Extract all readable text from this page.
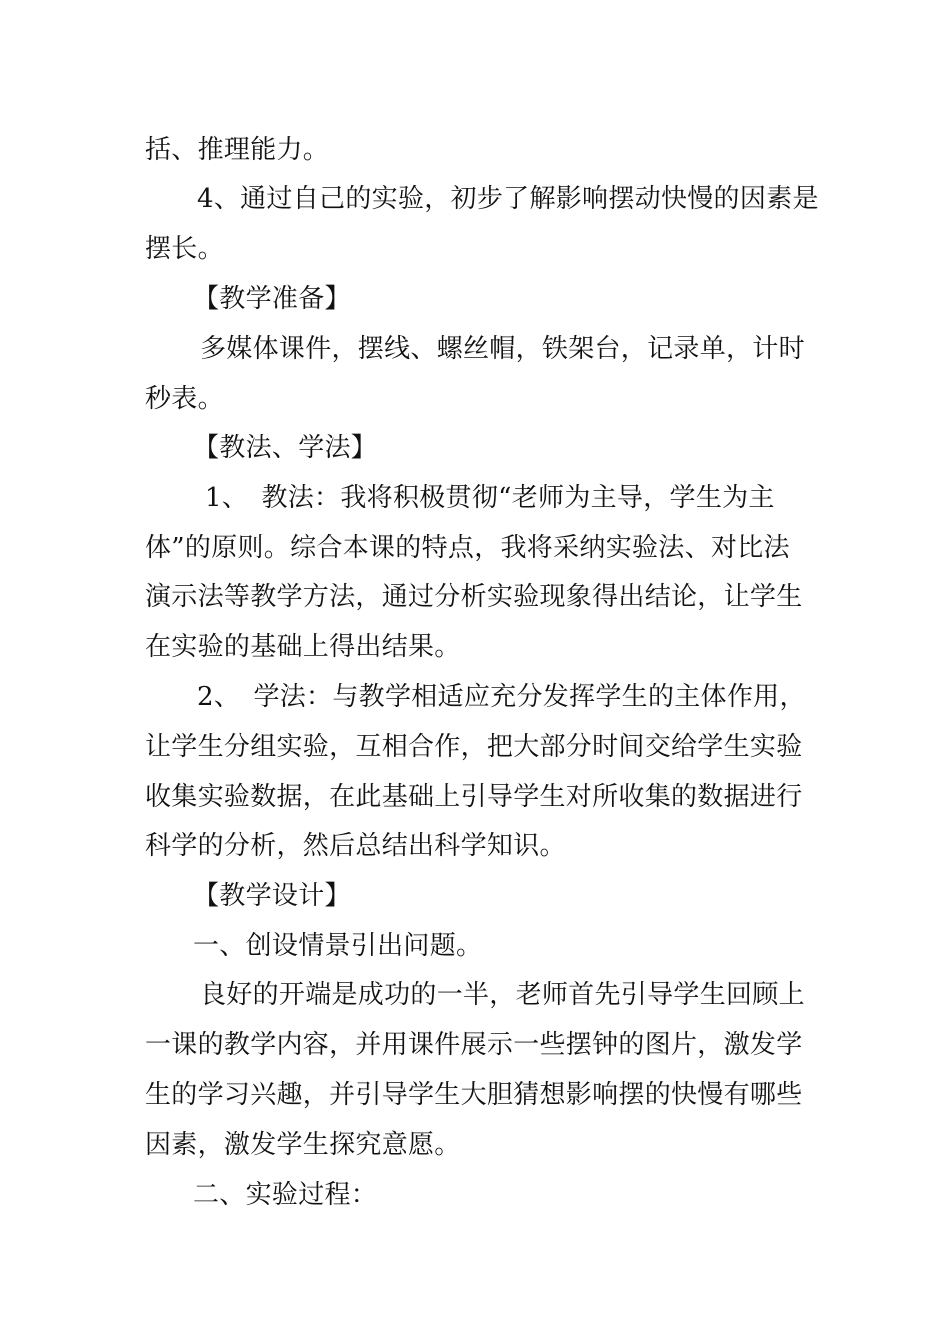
括、推理能力。
4、通过自己的实验，初步了解影响摆动快慢的因素是
摆长。
【教学准备】
多媒体课件，摆线、螺丝帽，铁架台，记录单，计时
秒表。
【教法、学法】
1、　教法：我将积极贯彻“老师为主导，学生为主
体”的原则。综合本课的特点，我将采纳实验法、对比法
演示法等教学方法，通过分析实验现象得出结论，让学生
在实验的基础上得出结果。
2、　学法：与教学相适应充分发挥学生的主体作用，
让学生分组实验，互相合作，把大部分时间交给学生实验
收集实验数据，在此基础上引导学生对所收集的数据进行
科学的分析，然后总结出科学知识。
【教学设计】
一、创设情景引出问题。
良好的开端是成功的一半，老师首先引导学生回顾上
一课的教学内容，并用课件展示一些摆钟的图片，激发学
生的学习兴趣，并引导学生大胆猜想影响摆的快慢有哪些
因素，激发学生探究意愿。
二、实验过程：
